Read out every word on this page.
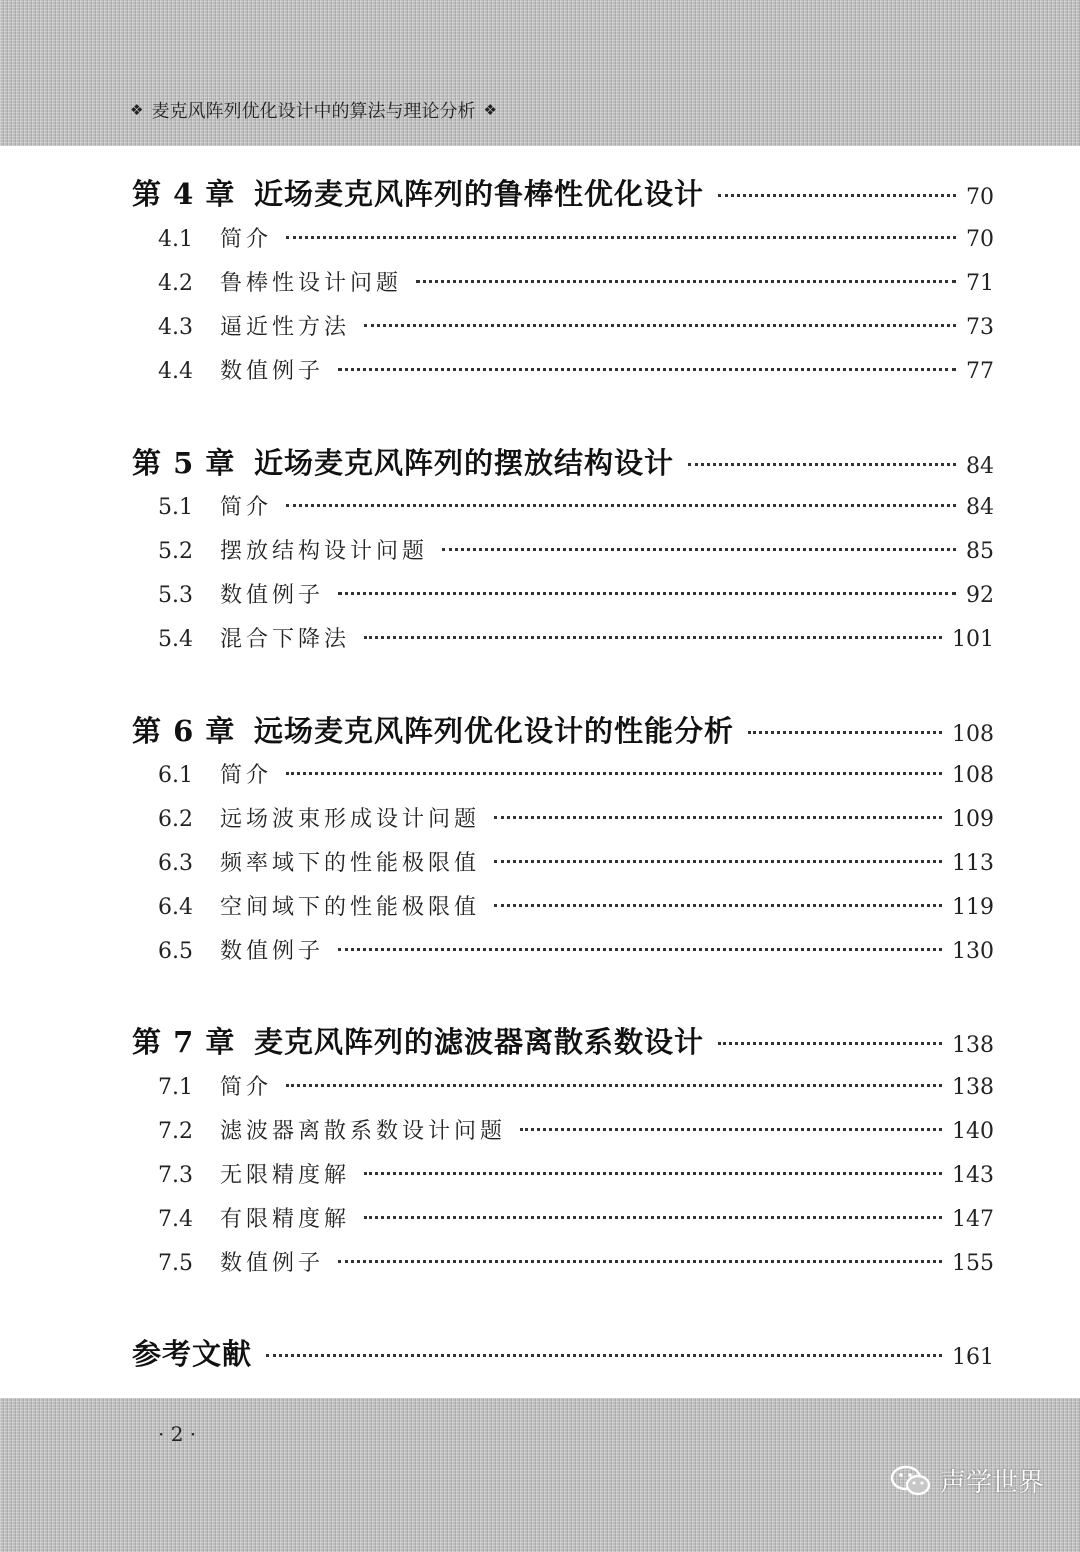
❖ 麦克风阵列优化设计中的算法与理论分析 ❖
第 4 章 近场麦克风阵列的鲁棒性优化设计	70
4.1	简介	70
4.2	鲁棒性设计问题	71
4.3	逼近性方法	73
4.4	数值例子	77
第 5 章 近场麦克风阵列的摆放结构设计	84
5.1	简介	84
5.2	摆放结构设计问题	85
5.3	数值例子	92
5.4	混合下降法	101
第 6 章 远场麦克风阵列优化设计的性能分析	108
6.1	简介	108
6.2	远场波束形成设计问题	109
6.3	频率域下的性能极限值	113
6.4	空间域下的性能极限值	119
6.5	数值例子	130
第 7 章 麦克风阵列的滤波器离散系数设计	138
7.1	简介	138
7.2	滤波器离散系数设计问题	140
7.3	无限精度解	143
7.4	有限精度解	147
7.5	数值例子	155
参考文献	161
· 2 ·
声学世界
